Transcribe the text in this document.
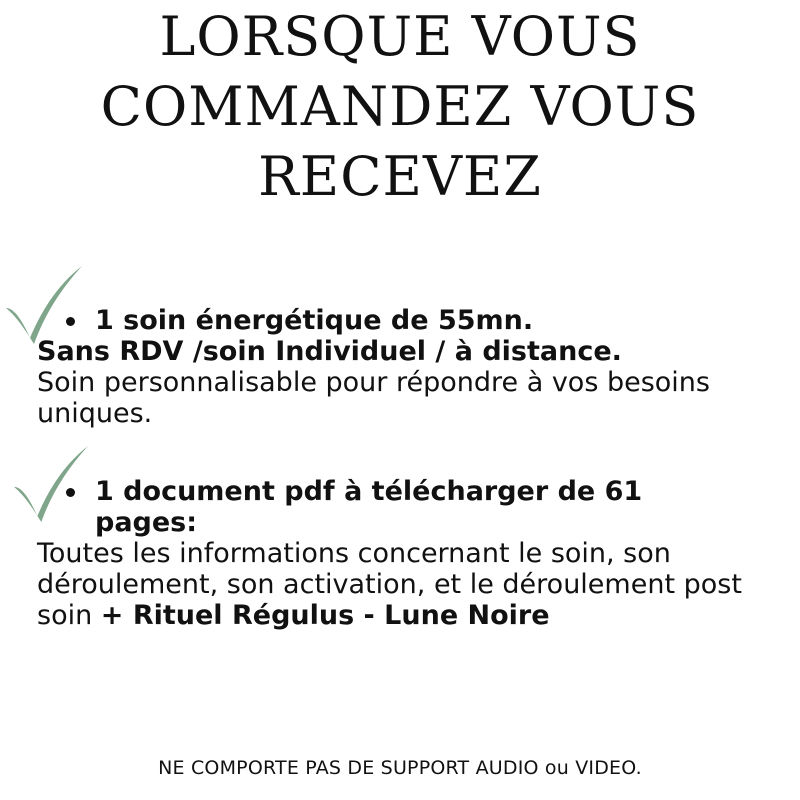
LORSQUE VOUS
COMMANDEZ VOUS
RECEVEZ
1 soin énergétique de 55mn.
Sans RDV /soin Individuel / à distance.
Soin personnalisable pour répondre à vos besoins uniques.
1 document pdf à télécharger de 61 pages:
Toutes les informations concernant le soin, son déroulement, son activation, et le déroulement post soin + Rituel Régulus - Lune Noire
NE COMPORTE PAS DE SUPPORT AUDIO ou VIDEO.
